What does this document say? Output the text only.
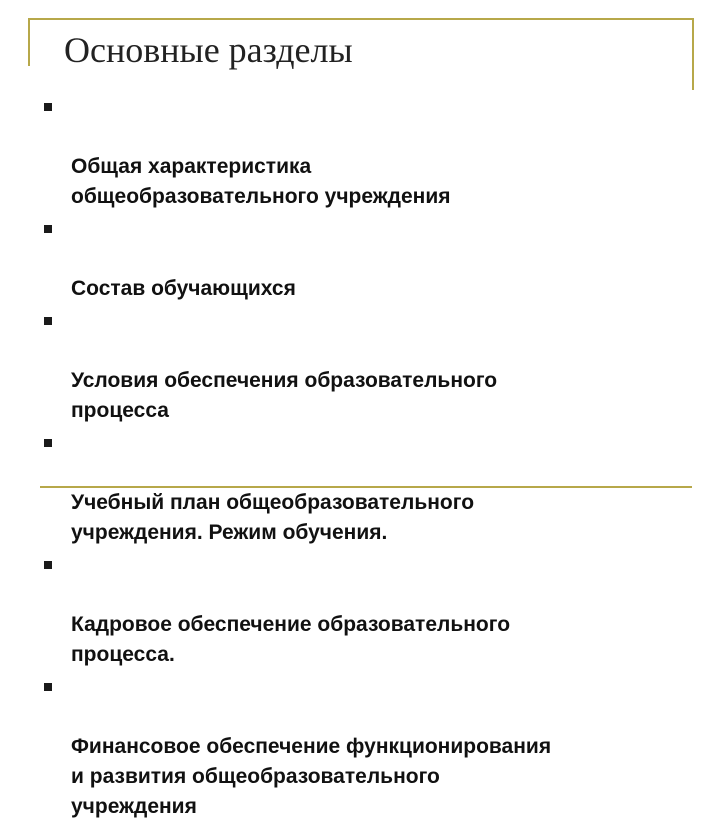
Основные разделы

Общая характеристика
общеобразовательного учреждения

Состав обучающихся

Условия обеспечения образовательного
процесса

Учебный план общеобразовательного
учреждения. Режим обучения.

Кадровое обеспечение образовательного
процесса.

Финансовое обеспечение функционирования
и развития общеобразовательного
учреждения
